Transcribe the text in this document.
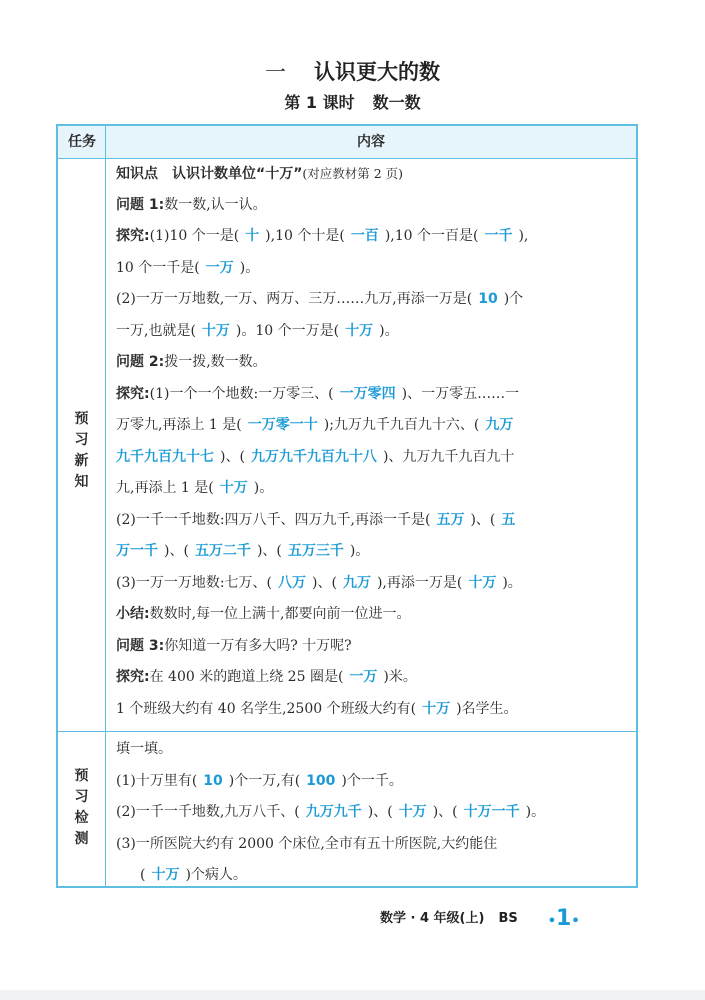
一 认识更大的数
第 1 课时 数一数
任务	内容
预
习
新
知
预
习
检
测
知识点　认识计数单位“十万”(对应教材第 2 页)
问题 1:数一数,认一认。
探究:(1)10 个一是( 十 ),10 个十是( 一百 ),10 个一百是( 一千 ),
10 个一千是( 一万 )。
(2)一万一万地数,一万、两万、三万……九万,再添一万是( 10 )个
一万,也就是( 十万 )。10 个一万是( 十万 )。
问题 2:拨一拨,数一数。
探究:(1)一个一个地数:一万零三、( 一万零四 )、一万零五……一
万零九,再添上 1 是( 一万零一十 );九万九千九百九十六、( 九万
九千九百九十七 )、( 九万九千九百九十八 )、九万九千九百九十
九,再添上 1 是( 十万 )。
(2)一千一千地数:四万八千、四万九千,再添一千是( 五万 )、( 五
万一千 )、( 五万二千 )、( 五万三千 )。
(3)一万一万地数:七万、( 八万 )、( 九万 ),再添一万是( 十万 )。
小结:数数时,每一位上满十,都要向前一位进一。
问题 3:你知道一万有多大吗? 十万呢?
探究:在 400 米的跑道上绕 25 圈是( 一万 )米。
1 个班级大约有 40 名学生,2500 个班级大约有( 十万 )名学生。
填一填。
(1)十万里有( 10 )个一万,有( 100 )个一千。
(2)一千一千地数,九万八千、( 九万九千 )、( 十万 )、( 十万一千 )。
(3)一所医院大约有 2000 个床位,全市有五十所医院,大约能住
( 十万 )个病人。
数学 · 4 年级(上) BS •1•
